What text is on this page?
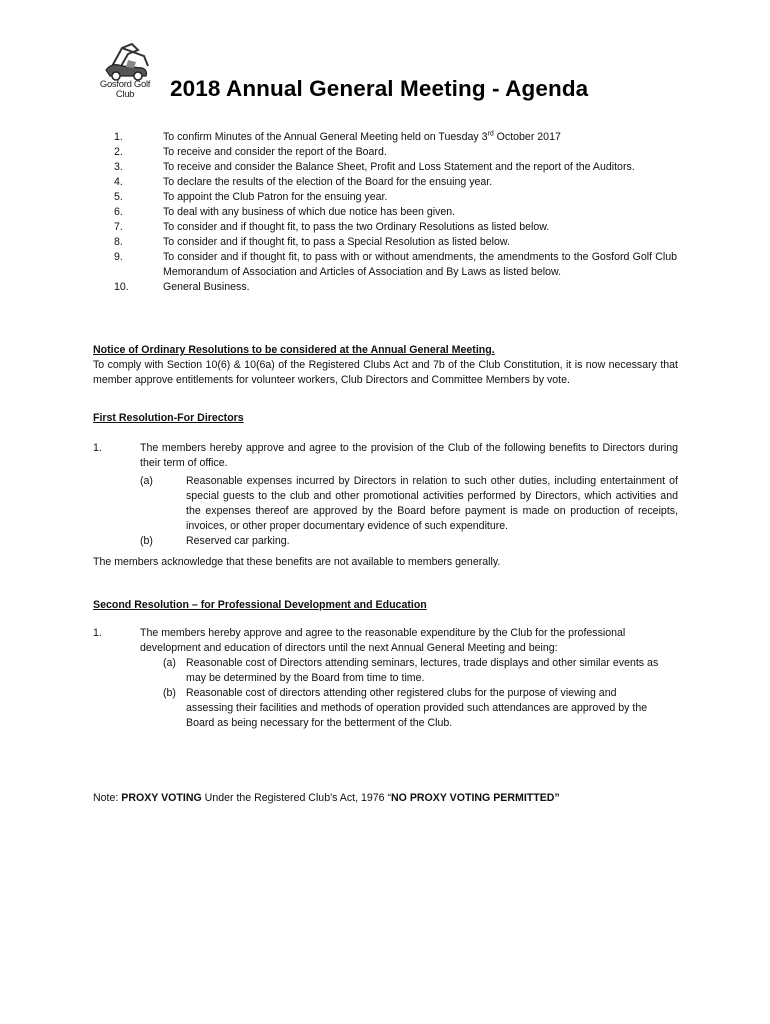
Gosford Golf
Club	2018 Annual General Meeting - Agenda
1.	To confirm Minutes of the Annual General Meeting held on Tuesday 3rd October 2017
2.	To receive and consider the report of the Board.
3.	To receive and consider the Balance Sheet, Profit and Loss Statement and the report of the Auditors.
4.	To declare the results of the election of the Board for the ensuing year.
5.	To appoint the Club Patron for the ensuing year.
6.	To deal with any business of which due notice has been given.
7.	To consider and if thought fit, to pass the two Ordinary Resolutions as listed below.
8.	To consider and if thought fit, to pass a Special Resolution as listed below.
9.	To consider and if thought fit, to pass with or without amendments, the amendments to the Gosford Golf Club Memorandum of Association and Articles of Association and By Laws as listed below.
10.	General Business.
Notice of Ordinary Resolutions to be considered at the Annual General Meeting.
To comply with Section 10(6) & 10(6a) of the Registered Clubs Act and 7b of the Club Constitution, it is now necessary that member approve entitlements for volunteer workers, Club Directors and Committee Members by vote.
First Resolution-For Directors
1.	The members hereby approve and agree to the provision of the Club of the following benefits to Directors during their term of office.
(a)	Reasonable expenses incurred by Directors in relation to such other duties, including entertainment of special guests to the club and other promotional activities performed by Directors, which activities and the expenses thereof are approved by the Board before payment is made on production of receipts, invoices, or other proper documentary evidence of such expenditure.
(b)	Reserved car parking.
The members acknowledge that these benefits are not available to members generally.
Second Resolution – for Professional Development and Education
1.	The members hereby approve and agree to the reasonable expenditure by the Club for the professional development and education of directors until the next Annual General Meeting and being:
(a) Reasonable cost of Directors attending seminars, lectures, trade displays and other similar events as may be determined by the Board from time to time.
(b) Reasonable cost of directors attending other registered clubs for the purpose of viewing and assessing their facilities and methods of operation provided such attendances are approved by the Board as being necessary for the betterment of the Club.
Note: PROXY VOTING Under the Registered Club's Act, 1976 “NO PROXY VOTING PERMITTED”
